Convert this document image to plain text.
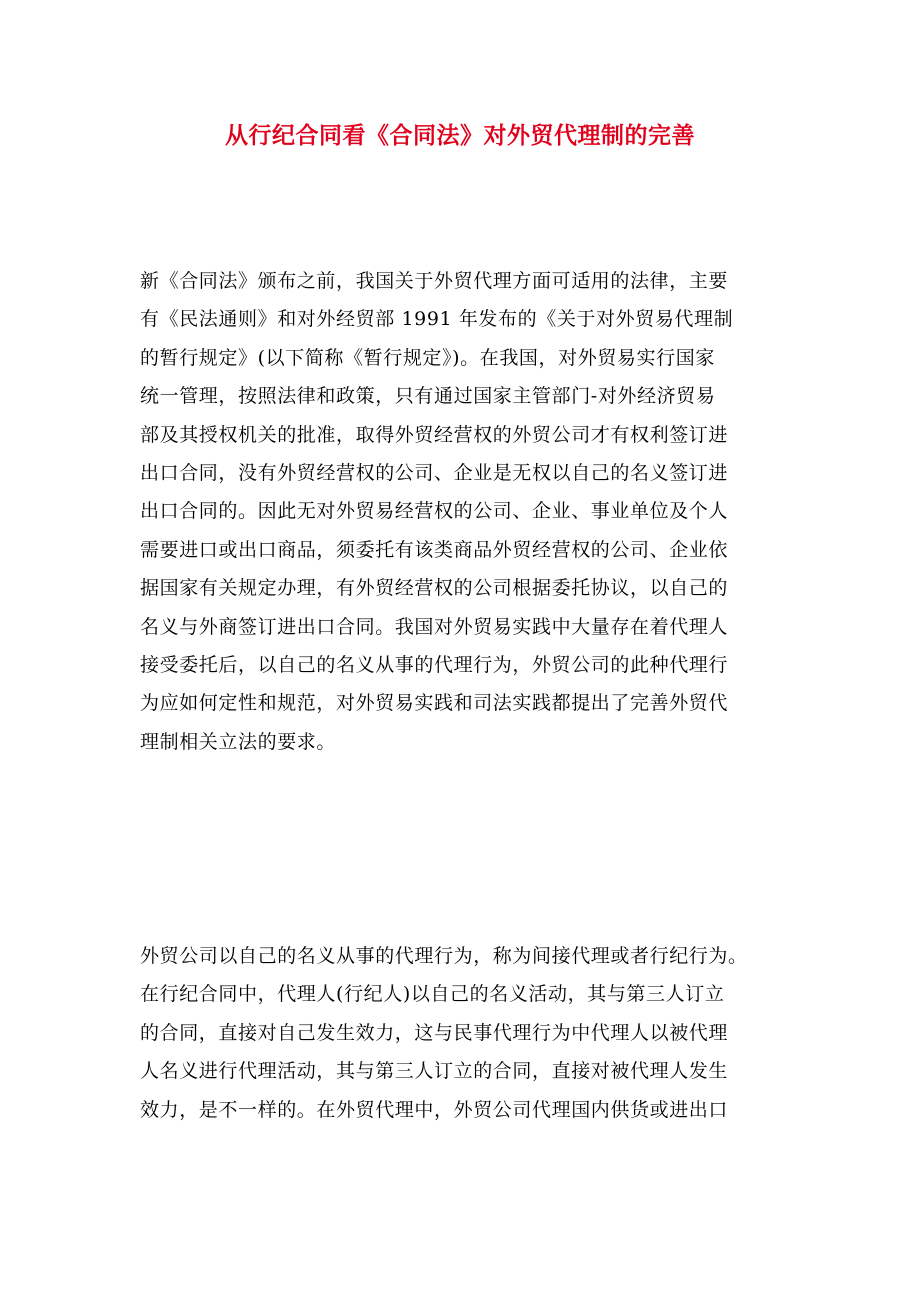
从行纪合同看《合同法》对外贸代理制的完善
新《合同法》颁布之前，我国关于外贸代理方面可适用的法律，主要
有《民法通则》和对外经贸部 1991 年发布的《关于对外贸易代理制
的暂行规定》(以下简称《暂行规定》)。在我国，对外贸易实行国家
统一管理，按照法律和政策，只有通过国家主管部门-对外经济贸易
部及其授权机关的批准，取得外贸经营权的外贸公司才有权利签订进
出口合同，没有外贸经营权的公司、企业是无权以自己的名义签订进
出口合同的。因此无对外贸易经营权的公司、企业、事业单位及个人
需要进口或出口商品，须委托有该类商品外贸经营权的公司、企业依
据国家有关规定办理，有外贸经营权的公司根据委托协议，以自己的
名义与外商签订进出口合同。我国对外贸易实践中大量存在着代理人
接受委托后，以自己的名义从事的代理行为，外贸公司的此种代理行
为应如何定性和规范，对外贸易实践和司法实践都提出了完善外贸代
理制相关立法的要求。
外贸公司以自己的名义从事的代理行为，称为间接代理或者行纪行为。
在行纪合同中，代理人(行纪人)以自己的名义活动，其与第三人订立
的合同，直接对自己发生效力，这与民事代理行为中代理人以被代理
人名义进行代理活动，其与第三人订立的合同，直接对被代理人发生
效力，是不一样的。在外贸代理中，外贸公司代理国内供货或进出口
